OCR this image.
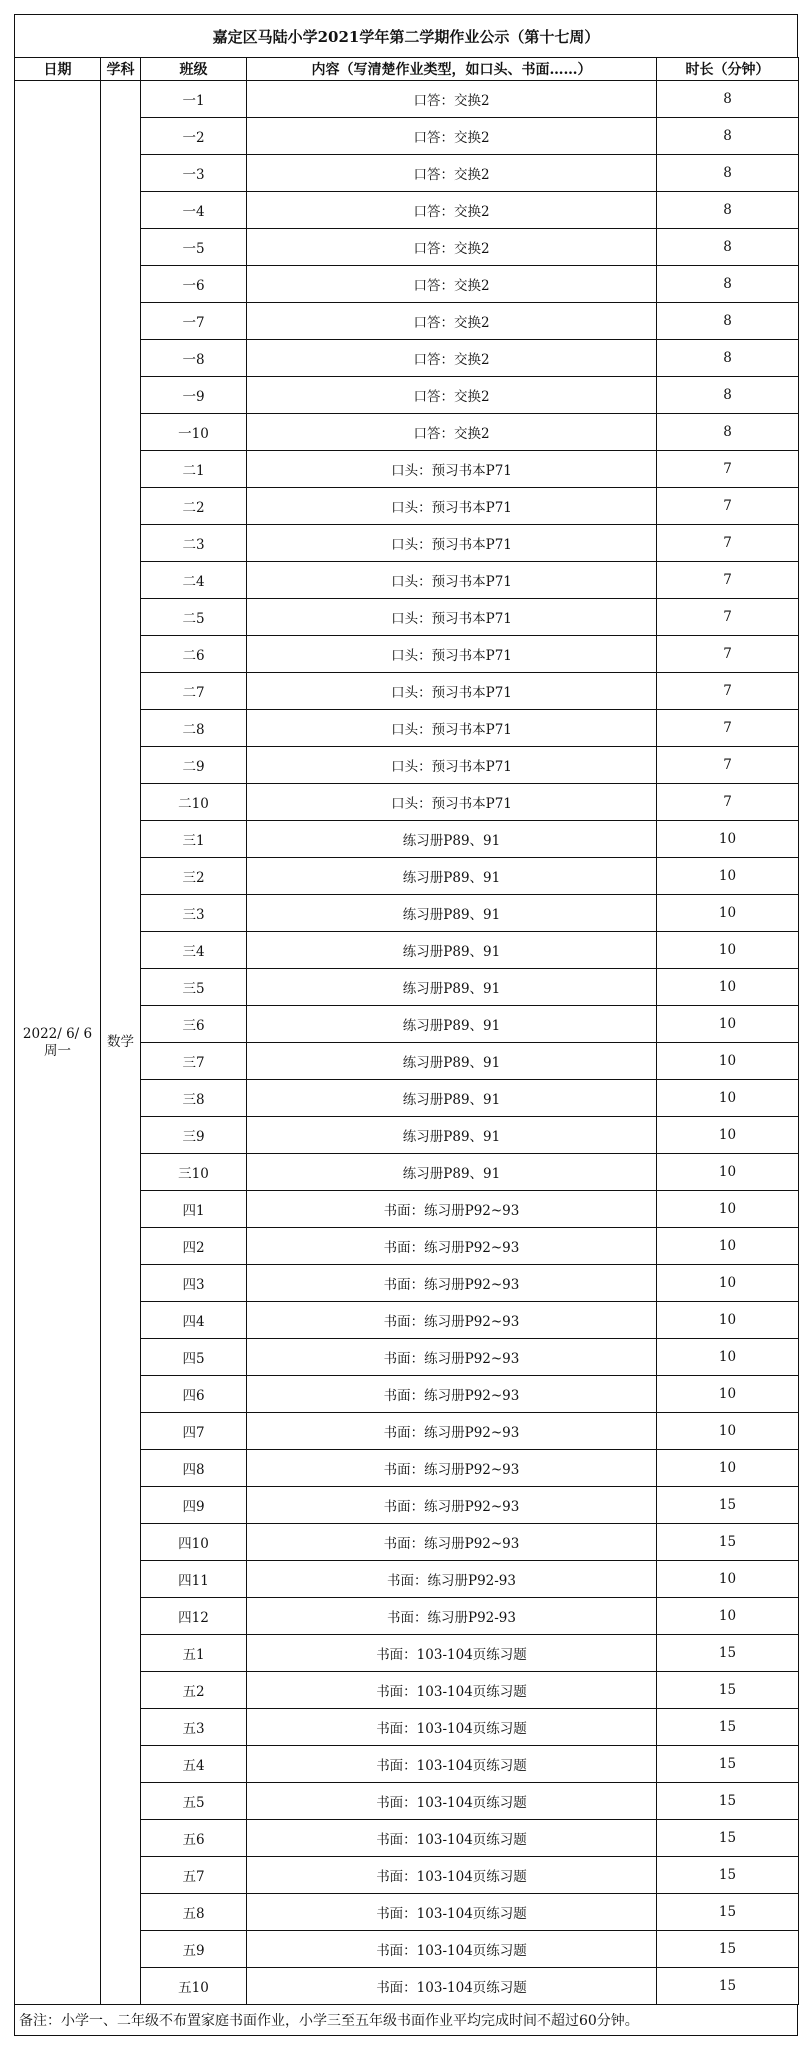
嘉定区马陆小学2021学年第二学期作业公示（第十七周）
日期	学科	班级	内容（写清楚作业类型，如口头、书面……）	时长（分钟）

2022/ 6/ 6
周一	数学	一1	口答：交换2	8
		一2	口答：交换2	8
		一3	口答：交换2	8
		一4	口答：交换2	8
		一5	口答：交换2	8
		一6	口答：交换2	8
		一7	口答：交换2	8
		一8	口答：交换2	8
		一9	口答：交换2	8
		一10	口答：交换2	8
		二1	口头：预习书本P71	7
		二2	口头：预习书本P71	7
		二3	口头：预习书本P71	7
		二4	口头：预习书本P71	7
		二5	口头：预习书本P71	7
		二6	口头：预习书本P71	7
		二7	口头：预习书本P71	7
		二8	口头：预习书本P71	7
		二9	口头：预习书本P71	7
		二10	口头：预习书本P71	7
		三1	练习册P89、91	10
		三2	练习册P89、91	10
		三3	练习册P89、91	10
		三4	练习册P89、91	10
		三5	练习册P89、91	10
		三6	练习册P89、91	10
		三7	练习册P89、91	10
		三8	练习册P89、91	10
		三9	练习册P89、91	10
		三10	练习册P89、91	10
		四1	书面：练习册P92~93	10
		四2	书面：练习册P92~93	10
		四3	书面：练习册P92~93	10
		四4	书面：练习册P92~93	10
		四5	书面：练习册P92~93	10
		四6	书面：练习册P92~93	10
		四7	书面：练习册P92~93	10
		四8	书面：练习册P92~93	10
		四9	书面：练习册P92~93	15
		四10	书面：练习册P92~93	15
		四11	书面：练习册P92-93	10
		四12	书面：练习册P92-93	10
		五1	书面：103-104页练习题	15
		五2	书面：103-104页练习题	15
		五3	书面：103-104页练习题	15
		五4	书面：103-104页练习题	15
		五5	书面：103-104页练习题	15
		五6	书面：103-104页练习题	15
		五7	书面：103-104页练习题	15
		五8	书面：103-104页练习题	15
		五9	书面：103-104页练习题	15
		五10	书面：103-104页练习题	15
备注：小学一、二年级不布置家庭书面作业，小学三至五年级书面作业平均完成时间不超过60分钟。
